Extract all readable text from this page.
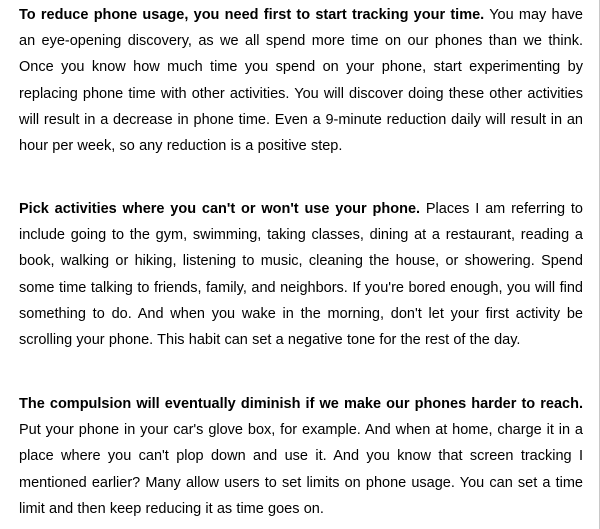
To reduce phone usage, you need first to start tracking your time. You may have an eye-opening discovery, as we all spend more time on our phones than we think. Once you know how much time you spend on your phone, start experimenting by replacing phone time with other activities. You will discover doing these other activities will result in a decrease in phone time. Even a 9-minute reduction daily will result in an hour per week, so any reduction is a positive step.

Pick activities where you can't or won't use your phone. Places I am referring to include going to the gym, swimming, taking classes, dining at a restaurant, reading a book, walking or hiking, listening to music, cleaning the house, or showering. Spend some time talking to friends, family, and neighbors. If you're bored enough, you will find something to do. And when you wake in the morning, don't let your first activity be scrolling your phone. This habit can set a negative tone for the rest of the day.

The compulsion will eventually diminish if we make our phones harder to reach. Put your phone in your car's glove box, for example. And when at home, charge it in a place where you can't plop down and use it. And you know that screen tracking I mentioned earlier? Many allow users to set limits on phone usage. You can set a time limit and then keep reducing it as time goes on.
